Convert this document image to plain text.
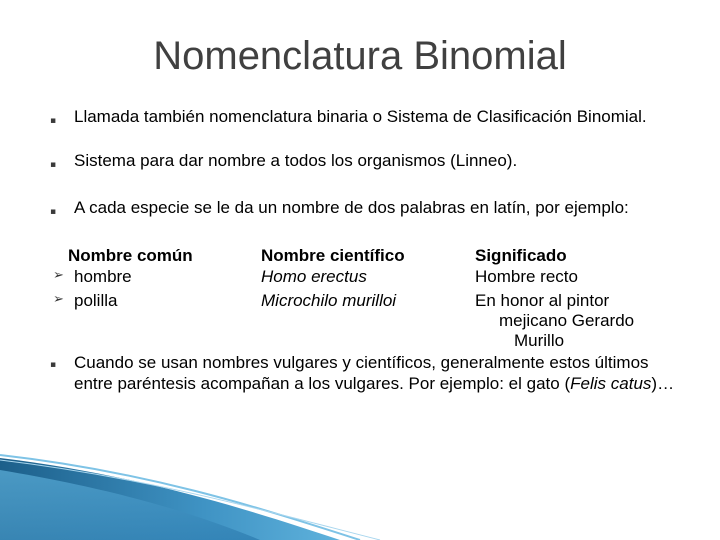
Nomenclatura Binomial
▪ Llamada también nomenclatura binaria o Sistema de Clasificación Binomial.
▪ Sistema para dar nombre a todos los organismos (Linneo).
▪ A cada especie se le da un nombre de dos palabras en latín, por ejemplo:
➢
➢
Nombre común
hombre
polilla
Nombre científico
Homo erectus
Microchilo murilloi
Significado
Hombre recto
En honor al pintor
mejicano Gerardo
Murillo
▪ Cuando se usan nombres vulgares y científicos, generalmente estos últimos entre paréntesis acompañan a los vulgares. Por ejemplo: el gato (Felis catus)…
